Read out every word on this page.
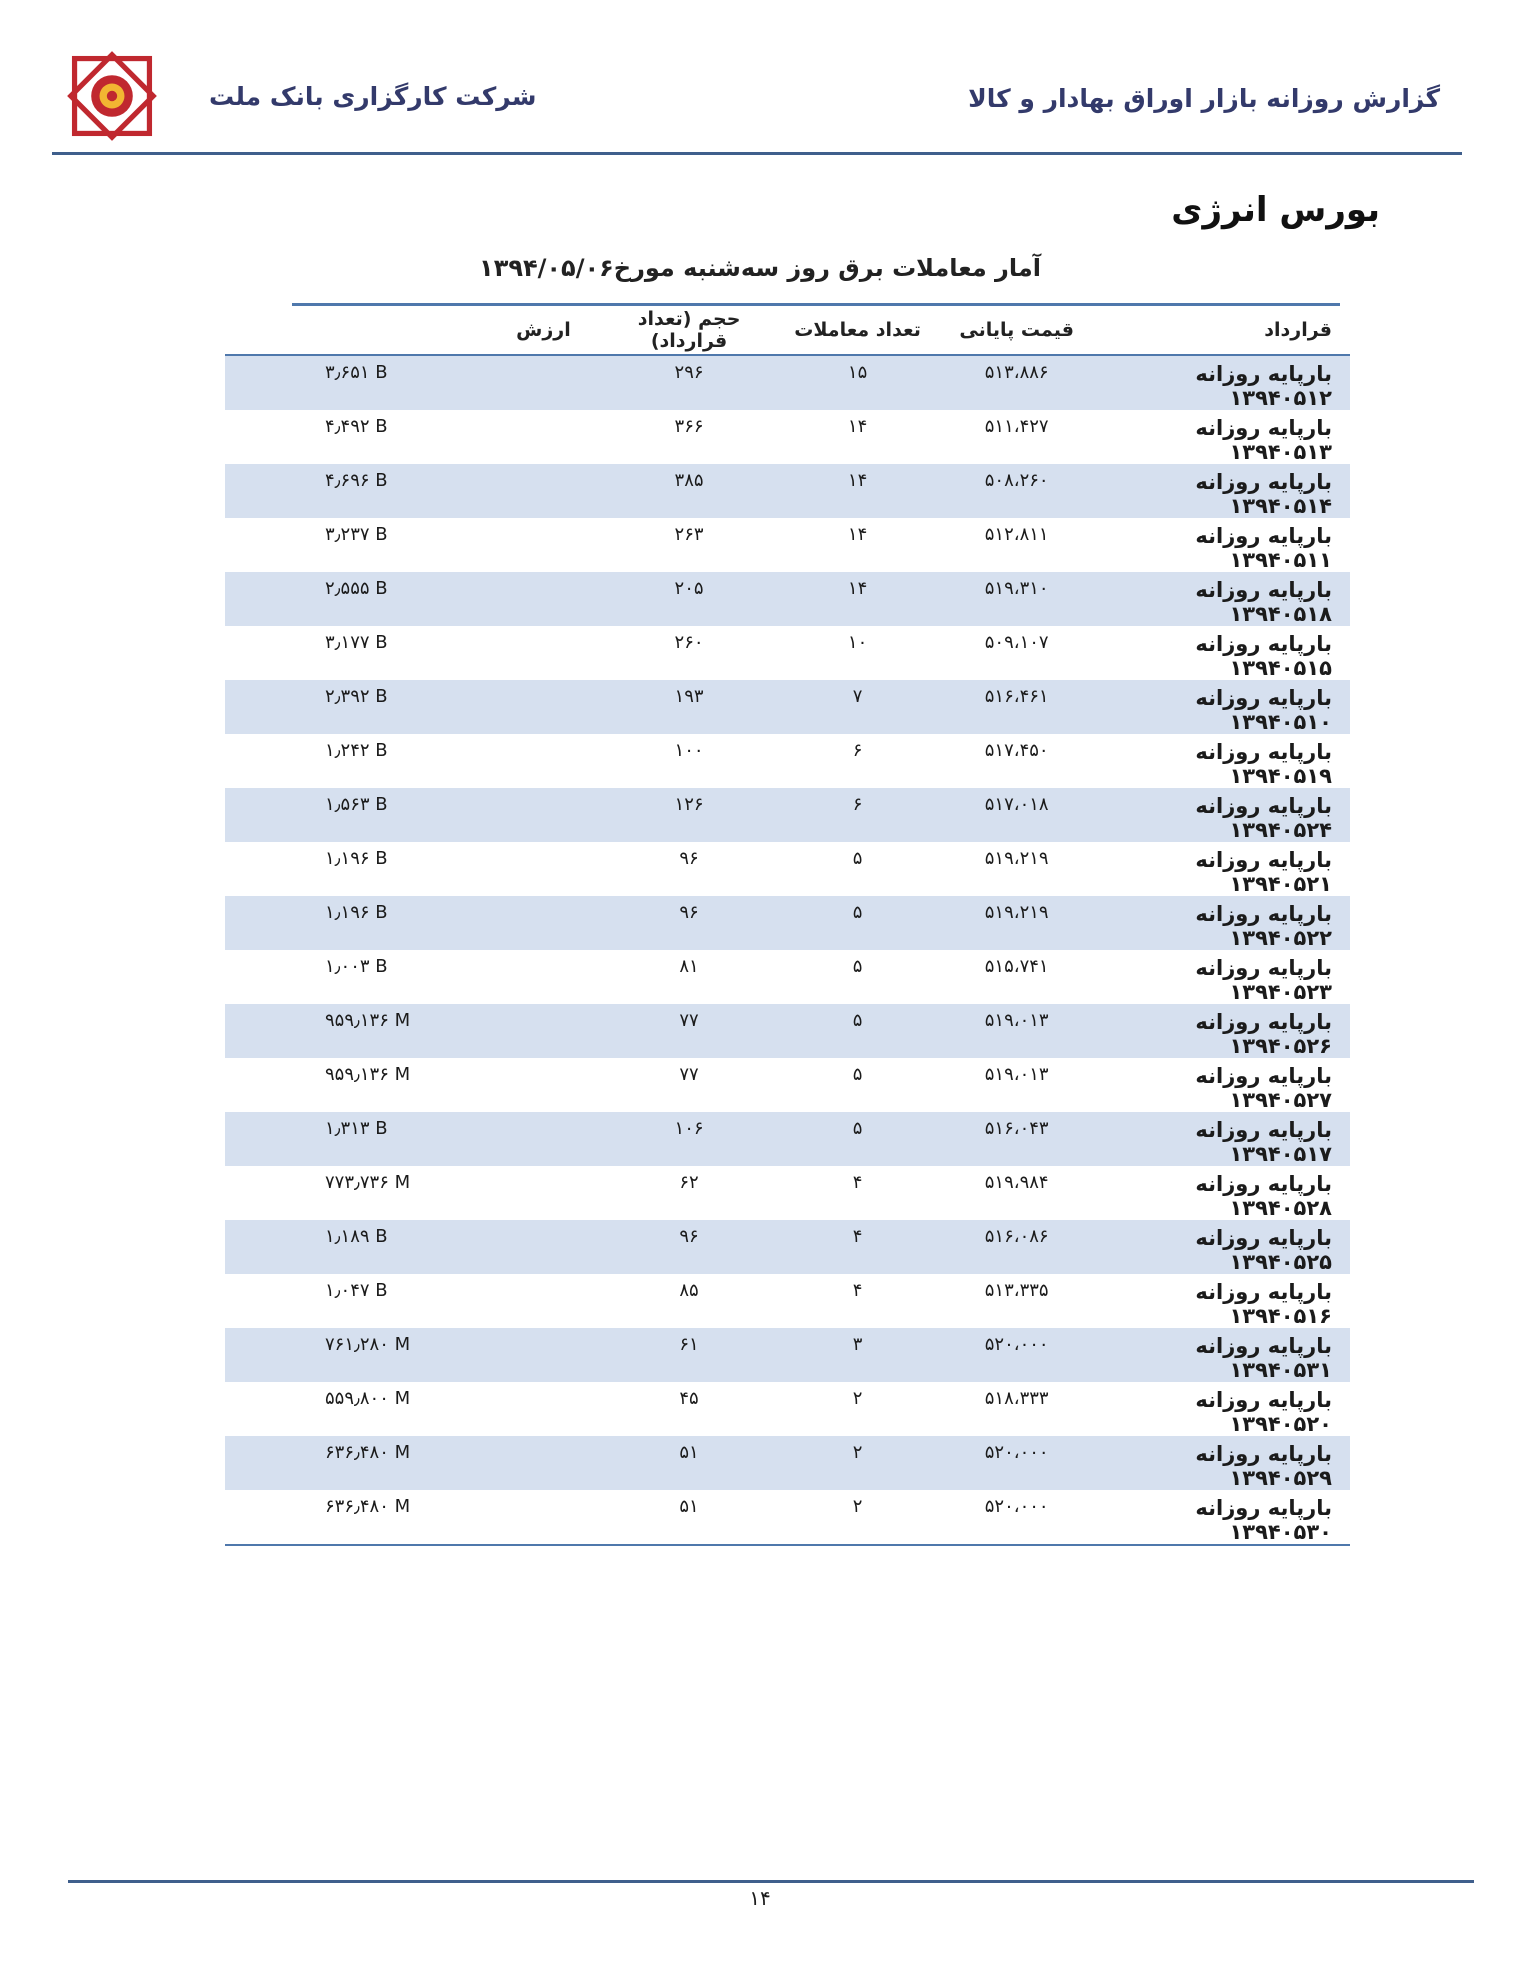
شرکت کارگزاری بانک ملت	گزارش روزانه بازار اوراق بهادار و کالا
بورس انرژی
آمار معاملات برق روز سه‌شنبه مورخ۱۳۹۴/۰۵/۰۶
قرارداد	قیمت پایانی	تعداد معاملات	حجم (تعداد قرارداد)	ارزش
بارپایه روزانه ۱۳۹۴۰۵۱۲	۵۱۳،۸۸۶	۱۵	۲۹۶	۳٫۶۵۱ B
بارپایه روزانه ۱۳۹۴۰۵۱۳	۵۱۱،۴۲۷	۱۴	۳۶۶	۴٫۴۹۲ B
بارپایه روزانه ۱۳۹۴۰۵۱۴	۵۰۸،۲۶۰	۱۴	۳۸۵	۴٫۶۹۶ B
بارپایه روزانه ۱۳۹۴۰۵۱۱	۵۱۲،۸۱۱	۱۴	۲۶۳	۳٫۲۳۷ B
بارپایه روزانه ۱۳۹۴۰۵۱۸	۵۱۹،۳۱۰	۱۴	۲۰۵	۲٫۵۵۵ B
بارپایه روزانه ۱۳۹۴۰۵۱۵	۵۰۹،۱۰۷	۱۰	۲۶۰	۳٫۱۷۷ B
بارپایه روزانه ۱۳۹۴۰۵۱۰	۵۱۶،۴۶۱	۷	۱۹۳	۲٫۳۹۲ B
بارپایه روزانه ۱۳۹۴۰۵۱۹	۵۱۷،۴۵۰	۶	۱۰۰	۱٫۲۴۲ B
بارپایه روزانه ۱۳۹۴۰۵۲۴	۵۱۷،۰۱۸	۶	۱۲۶	۱٫۵۶۳ B
بارپایه روزانه ۱۳۹۴۰۵۲۱	۵۱۹،۲۱۹	۵	۹۶	۱٫۱۹۶ B
بارپایه روزانه ۱۳۹۴۰۵۲۲	۵۱۹،۲۱۹	۵	۹۶	۱٫۱۹۶ B
بارپایه روزانه ۱۳۹۴۰۵۲۳	۵۱۵،۷۴۱	۵	۸۱	۱٫۰۰۳ B
بارپایه روزانه ۱۳۹۴۰۵۲۶	۵۱۹،۰۱۳	۵	۷۷	۹۵۹٫۱۳۶ M
بارپایه روزانه ۱۳۹۴۰۵۲۷	۵۱۹،۰۱۳	۵	۷۷	۹۵۹٫۱۳۶ M
بارپایه روزانه ۱۳۹۴۰۵۱۷	۵۱۶،۰۴۳	۵	۱۰۶	۱٫۳۱۳ B
بارپایه روزانه ۱۳۹۴۰۵۲۸	۵۱۹،۹۸۴	۴	۶۲	۷۷۳٫۷۳۶ M
بارپایه روزانه ۱۳۹۴۰۵۲۵	۵۱۶،۰۸۶	۴	۹۶	۱٫۱۸۹ B
بارپایه روزانه ۱۳۹۴۰۵۱۶	۵۱۳،۳۳۵	۴	۸۵	۱٫۰۴۷ B
بارپایه روزانه ۱۳۹۴۰۵۳۱	۵۲۰،۰۰۰	۳	۶۱	۷۶۱٫۲۸۰ M
بارپایه روزانه ۱۳۹۴۰۵۲۰	۵۱۸،۳۳۳	۲	۴۵	۵۵۹٫۸۰۰ M
بارپایه روزانه ۱۳۹۴۰۵۲۹	۵۲۰،۰۰۰	۲	۵۱	۶۳۶٫۴۸۰ M
بارپایه روزانه ۱۳۹۴۰۵۳۰	۵۲۰،۰۰۰	۲	۵۱	۶۳۶٫۴۸۰ M
۱۴
